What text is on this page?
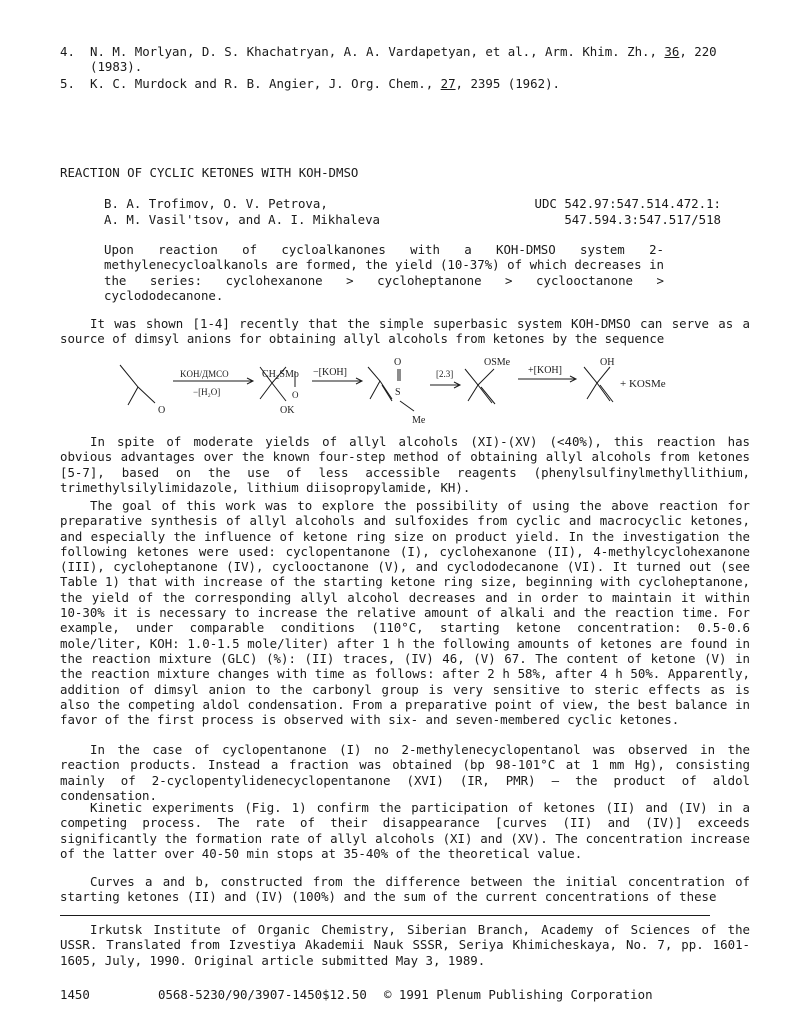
4. N. M. Morlyan, D. S. Khachatryan, A. A. Vardapetyan, et al., Arm. Khim. Zh., 36, 220 (1983).
5. K. C. Murdock and R. B. Angier, J. Org. Chem., 27, 2395 (1962).
REACTION OF CYCLIC KETONES WITH KOH-DMSO
B. A. Trofimov, O. V. Petrova,
A. M. Vasil'tsov, and A. I. Mikhaleva
UDC 542.97:547.514.472.1:
547.594.3:547.517/518
Upon reaction of cycloalkanones with a KOH-DMSO system 2-methylenecycloalkanols are formed, the yield (10-37%) of which decreases in the series: cyclohexanone > cycloheptanone > cyclooctanone > cyclododecanone.
It was shown [1-4] recently that the simple superbasic system KOH-DMSO can serve as a source of dimsyl anions for obtaining allyl alcohols from ketones by the sequence
O
KOH/ДМСО
−[H₂O]
CH₂SMo
O
OK
−[KOH]
O
S
Me
[2.3]
OSMe
+[KOH]
OH
+ KOSMe
In spite of moderate yields of allyl alcohols (XI)-(XV) (<40%), this reaction has obvious advantages over the known four-step method of obtaining allyl alcohols from ketones [5-7], based on the use of less accessible reagents (phenylsulfinylmethyllithium, trimethylsilylimidazole, lithium diisopropylamide, KH).
The goal of this work was to explore the possibility of using the above reaction for preparative synthesis of allyl alcohols and sulfoxides from cyclic and macrocyclic ketones, and especially the influence of ketone ring size on product yield. In the investigation the following ketones were used: cyclopentanone (I), cyclohexanone (II), 4-methylcyclohexanone (III), cycloheptanone (IV), cyclooctanone (V), and cyclododecanone (VI). It turned out (see Table 1) that with increase of the starting ketone ring size, beginning with cycloheptanone, the yield of the corresponding allyl alcohol decreases and in order to maintain it within 10-30% it is necessary to increase the relative amount of alkali and the reaction time. For example, under comparable conditions (110°C, starting ketone concentration: 0.5-0.6 mole/liter, KOH: 1.0-1.5 mole/liter) after 1 h the following amounts of ketones are found in the reaction mixture (GLC) (%): (II) traces, (IV) 46, (V) 67. The content of ketone (V) in the reaction mixture changes with time as follows: after 2 h 58%, after 4 h 50%. Apparently, addition of dimsyl anion to the carbonyl group is very sensitive to steric effects as is also the competing aldol condensation. From a preparative point of view, the best balance in favor of the first process is observed with six- and seven-membered cyclic ketones.
In the case of cyclopentanone (I) no 2-methylenecyclopentanol was observed in the reaction products. Instead a fraction was obtained (bp 98-101°C at 1 mm Hg), consisting mainly of 2-cyclopentylidenecyclopentanone (XVI) (IR, PMR) — the product of aldol condensation.
Kinetic experiments (Fig. 1) confirm the participation of ketones (II) and (IV) in a competing process. The rate of their disappearance [curves (II) and (IV)] exceeds significantly the formation rate of allyl alcohols (XI) and (XV). The concentration increase of the latter over 40-50 min stops at 35-40% of the theoretical value.
Curves a and b, constructed from the difference between the initial concentration of starting ketones (II) and (IV) (100%) and the sum of the current concentrations of these
Irkutsk Institute of Organic Chemistry, Siberian Branch, Academy of Sciences of the USSR. Translated from Izvestiya Akademii Nauk SSSR, Seriya Khimicheskaya, No. 7, pp. 1601-1605, July, 1990. Original article submitted May 3, 1989.
1450	0568-5230/90/3907-1450$12.50 © 1991 Plenum Publishing Corporation
